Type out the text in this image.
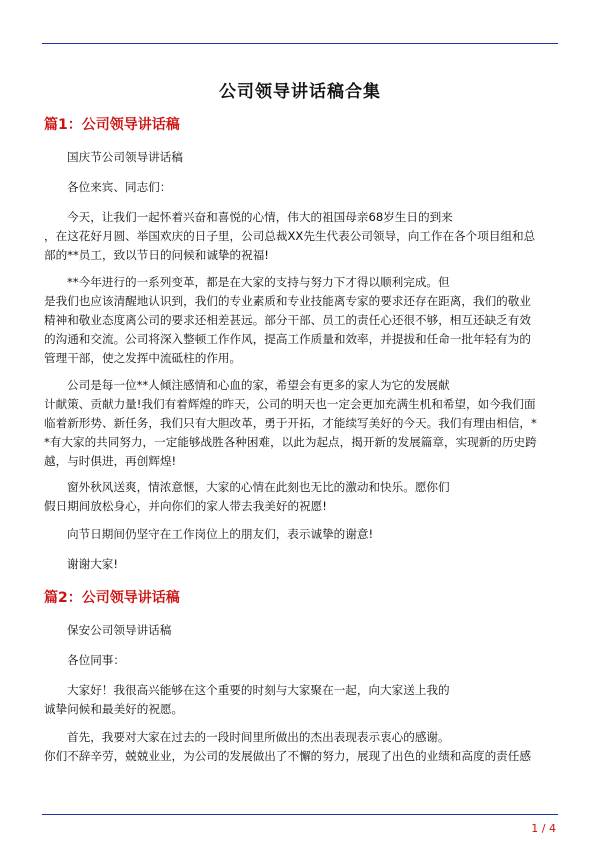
公司领导讲话稿合集
篇1：公司领导讲话稿

国庆节公司领导讲话稿

各位来宾、同志们：

今天，让我们一起怀着兴奋和喜悦的心情，伟大的祖国母亲68岁生日的到来
，在这花好月圆、举国欢庆的日子里，公司总裁XX先生代表公司领导，向工作在各个项目组和总
部的**员工，致以节日的问候和诚挚的祝福!

**今年进行的一系列变革，都是在大家的支持与努力下才得以顺利完成。但
是我们也应该清醒地认识到，我们的专业素质和专业技能离专家的要求还存在距离，我们的敬业
精神和敬业态度离公司的要求还相差甚远。部分干部、员工的责任心还很不够，相互还缺乏有效
的沟通和交流。公司将深入整顿工作作风，提高工作质量和效率，并提拔和任命一批年轻有为的
管理干部，使之发挥中流砥柱的作用。

公司是每一位**人倾注感情和心血的家，希望会有更多的家人为它的发展献
计献策、贡献力量!我们有着辉煌的昨天，公司的明天也一定会更加充满生机和希望，如今我们面
临着新形势、新任务，我们只有大胆改革，勇于开拓，才能续写美好的今天。我们有理由相信，*
*有大家的共同努力，一定能够战胜各种困难，以此为起点，揭开新的发展篇章，实现新的历史跨
越，与时俱进，再创辉煌!

窗外秋风送爽，情浓意惬，大家的心情在此刻也无比的激动和快乐。愿你们
假日期间放松身心，并向你们的家人带去我美好的祝愿!

向节日期间仍坚守在工作岗位上的朋友们，表示诚挚的谢意!

谢谢大家!

篇2：公司领导讲话稿

保安公司领导讲话稿

各位同事：

大家好！我很高兴能够在这个重要的时刻与大家聚在一起，向大家送上我的
诚挚问候和最美好的祝愿。

首先，我要对大家在过去的一段时间里所做出的杰出表现表示衷心的感谢。
你们不辞辛劳，兢兢业业，为公司的发展做出了不懈的努力，展现了出色的业绩和高度的责任感

1 / 4
